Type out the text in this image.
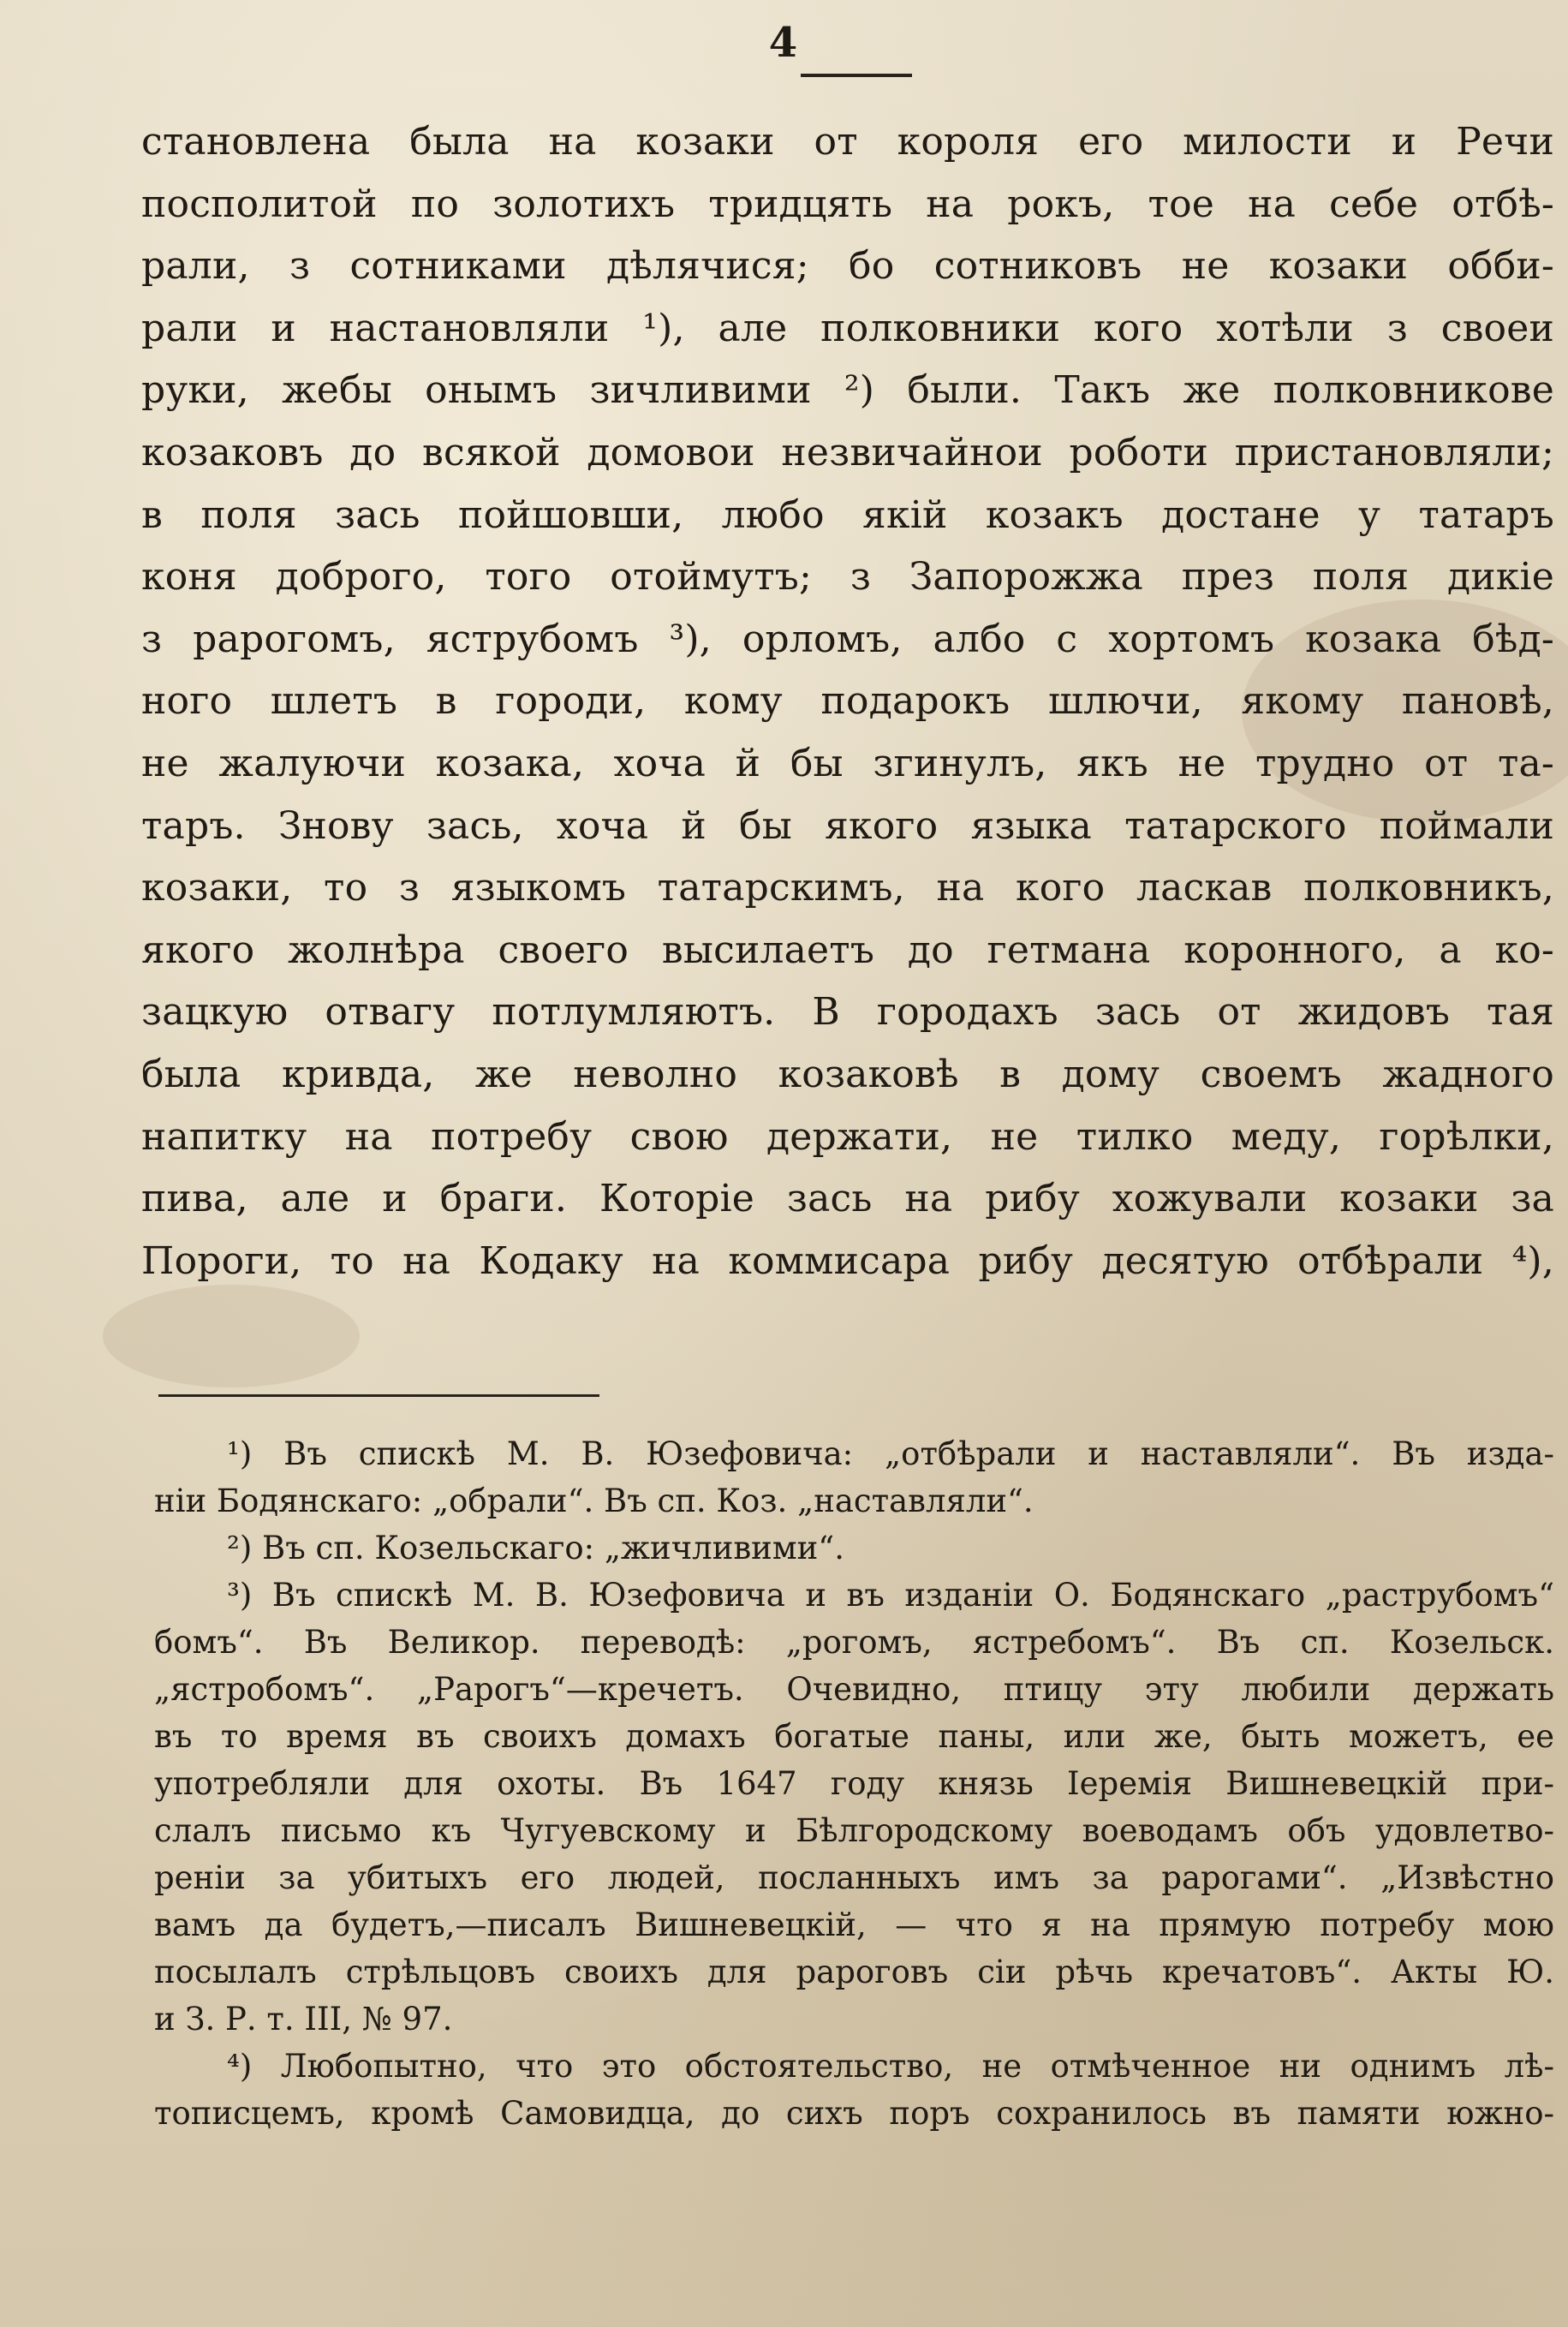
4
становлена была на козаки от короля его милости и Речи
посполитой по золотихъ тридцять на рокъ, тое на себе отбѣ-
рали, з сотниками дѣлячися; бо сотниковъ не козаки обби-
рали и настановляли ¹), але полковники кого хотѣли з своеи
руки, жебы онымъ зичливими ²) были. Такъ же полковникове
козаковъ до всякой домовои незвичайнои роботи пристановляли;
в поля зась пойшовши, любо якій козакъ достане у татаръ
коня доброго, того отоймутъ; з Запорожжа през поля дикіе
з рарогомъ, яструбомъ ³), орломъ, албо с хортомъ козака бѣд-
ного шлетъ в городи, кому подарокъ шлючи, якому пановѣ,
не жалуючи козака, хоча й бы згинулъ, якъ не трудно от та-
таръ. Знову зась, хоча й бы якого языка татарского поймали
козаки, то з языкомъ татарскимъ, на кого ласкав полковникъ,
якого жолнѣра своего высилаетъ до гетмана коронного, а ко-
зацкую отвагу потлумляютъ. В городахъ зась от жидовъ тая
была кривда, же неволно козаковѣ в дому своемъ жадного
напитку на потребу свою держати, не тилко меду, горѣлки,
пива, але и браги. Которіе зась на рибу хожували козаки за
Пороги, то на Кодаку на коммисара рибу десятую отбѣрали ⁴),
¹) Въ спискѣ М. В. Юзефовича: „отбѣрали и наставляли“. Въ изда-
ніи Бодянскаго: „обрали“. Въ сп. Коз. „наставляли“.
²) Въ сп. Козельскаго: „жичливими“.
³) Въ спискѣ М. В. Юзефовича и въ изданіи О. Бодянскаго „раструбомъ“
бомъ“. Въ Великор. переводѣ: „рогомъ, ястребомъ“. Въ сп. Козельск.
„ястробомъ“. „Рарогъ“—кречетъ. Очевидно, птицу эту любили держать
въ то время въ своихъ домахъ богатые паны, или же, быть можетъ, ее
употребляли для охоты. Въ 1647 году князь Іеремія Вишневецкій при-
слалъ письмо къ Чугуевскому и Бѣлгородскому воеводамъ объ удовлетво-
реніи за убитыхъ его людей, посланныхъ имъ за рарогами“. „Извѣстно
вамъ да будетъ,—писалъ Вишневецкій, — что я на прямую потребу мою
посылалъ стрѣльцовъ своихъ для рароговъ сіи рѣчь кречатовъ“. Акты Ю.
и З. Р. т. III, № 97.
⁴) Любопытно, что это обстоятельство, не отмѣченное ни однимъ лѣ-
тописцемъ, кромѣ Самовидца, до сихъ поръ сохранилось въ памяти южно-
